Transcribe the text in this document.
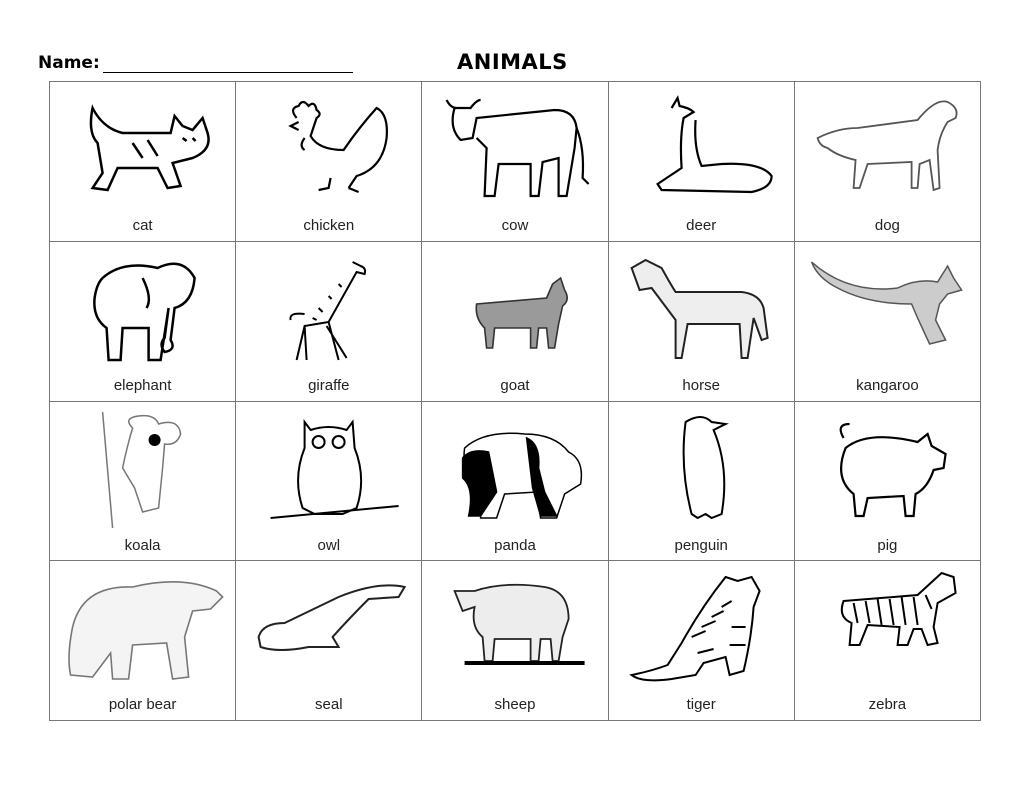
Name:	ANIMALS
cat	chicken	cow	deer	dog
elephant	giraffe	goat	horse	kangaroo
koala	owl	panda	penguin	pig
polar bear	seal	sheep	tiger	zebra
